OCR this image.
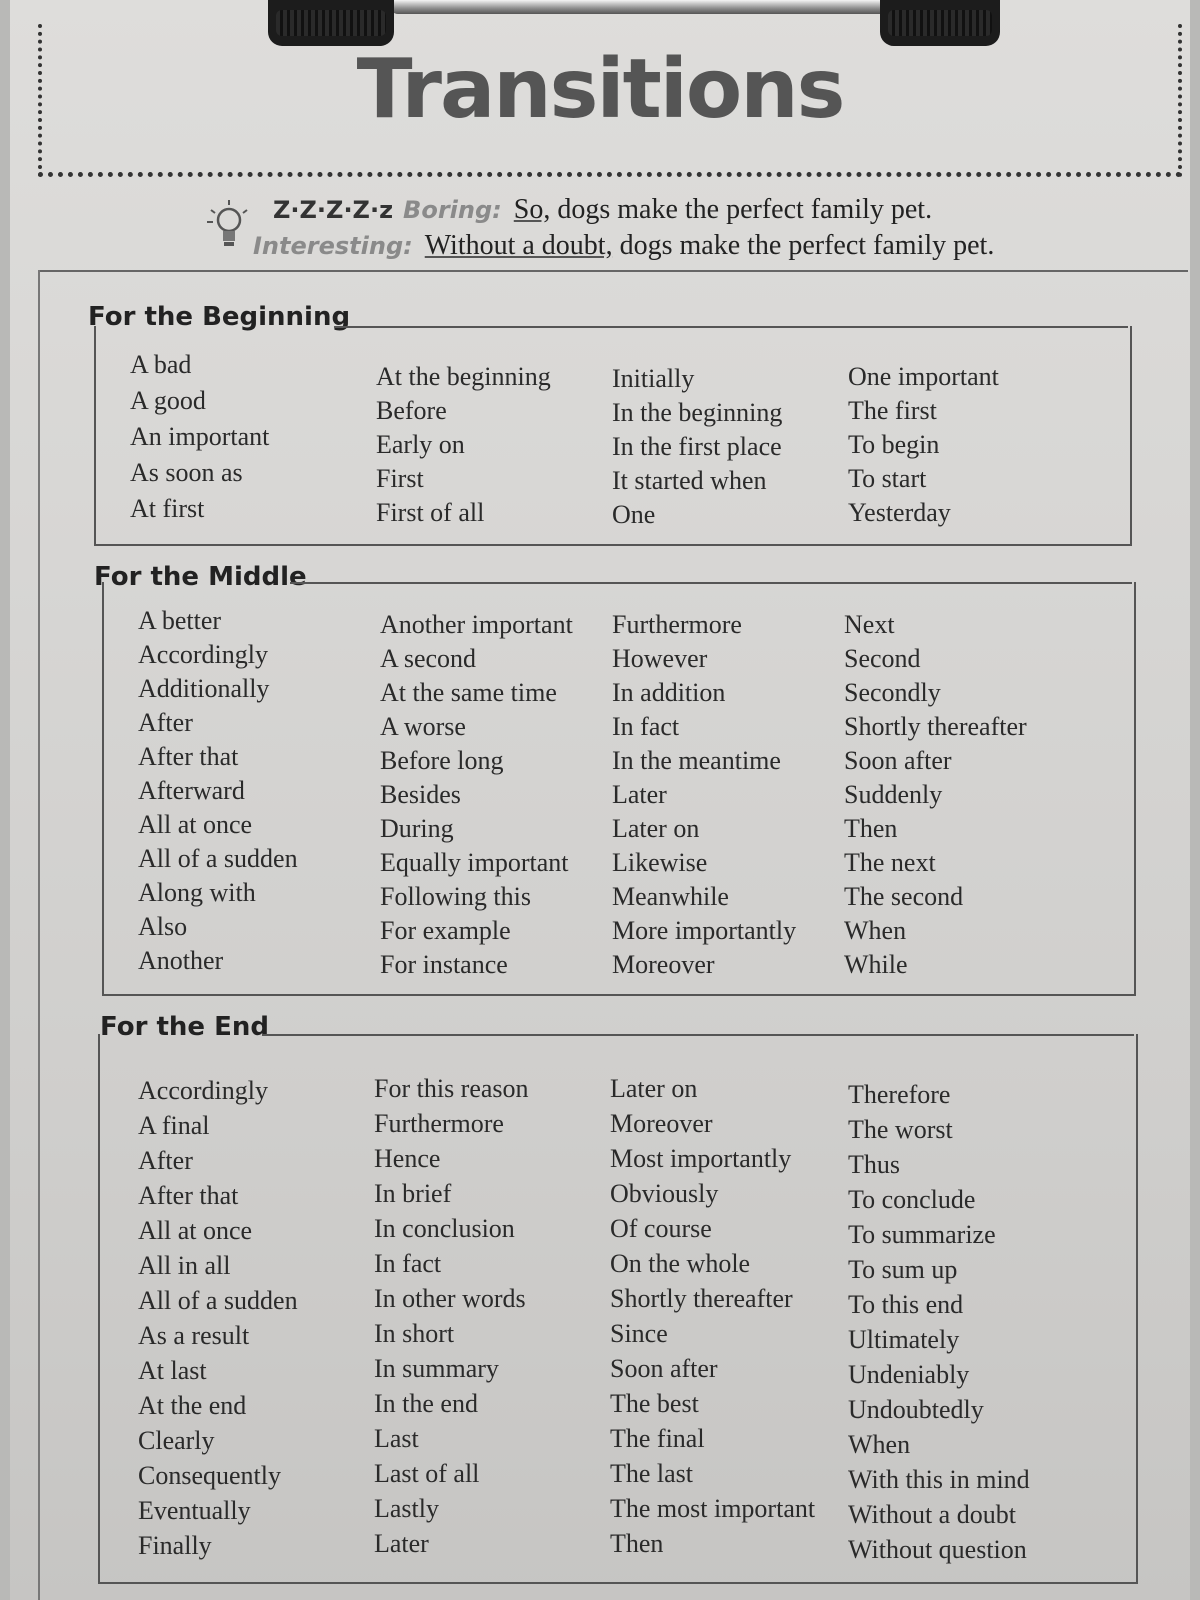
Transitions
Z·Z·Z·Z·z Boring: So, dogs make the perfect family pet.
Interesting: Without a doubt, dogs make the perfect family pet.
For the Beginning
A bad
A good
An important
As soon as
At first
At the beginning
Before
Early on
First
First of all
Initially
In the beginning
In the first place
It started when
One
One important
The first
To begin
To start
Yesterday
For the Middle
A better
Accordingly
Additionally
After
After that
Afterward
All at once
All of a sudden
Along with
Also
Another
Another important
A second
At the same time
A worse
Before long
Besides
During
Equally important
Following this
For example
For instance
Furthermore
However
In addition
In fact
In the meantime
Later
Later on
Likewise
Meanwhile
More importantly
Moreover
Next
Second
Secondly
Shortly thereafter
Soon after
Suddenly
Then
The next
The second
When
While
For the End
Accordingly
A final
After
After that
All at once
All in all
All of a sudden
As a result
At last
At the end
Clearly
Consequently
Eventually
Finally
For this reason
Furthermore
Hence
In brief
In conclusion
In fact
In other words
In short
In summary
In the end
Last
Last of all
Lastly
Later
Later on
Moreover
Most importantly
Obviously
Of course
On the whole
Shortly thereafter
Since
Soon after
The best
The final
The last
The most important
Then
Therefore
The worst
Thus
To conclude
To summarize
To sum up
To this end
Ultimately
Undeniably
Undoubtedly
When
With this in mind
Without a doubt
Without question
